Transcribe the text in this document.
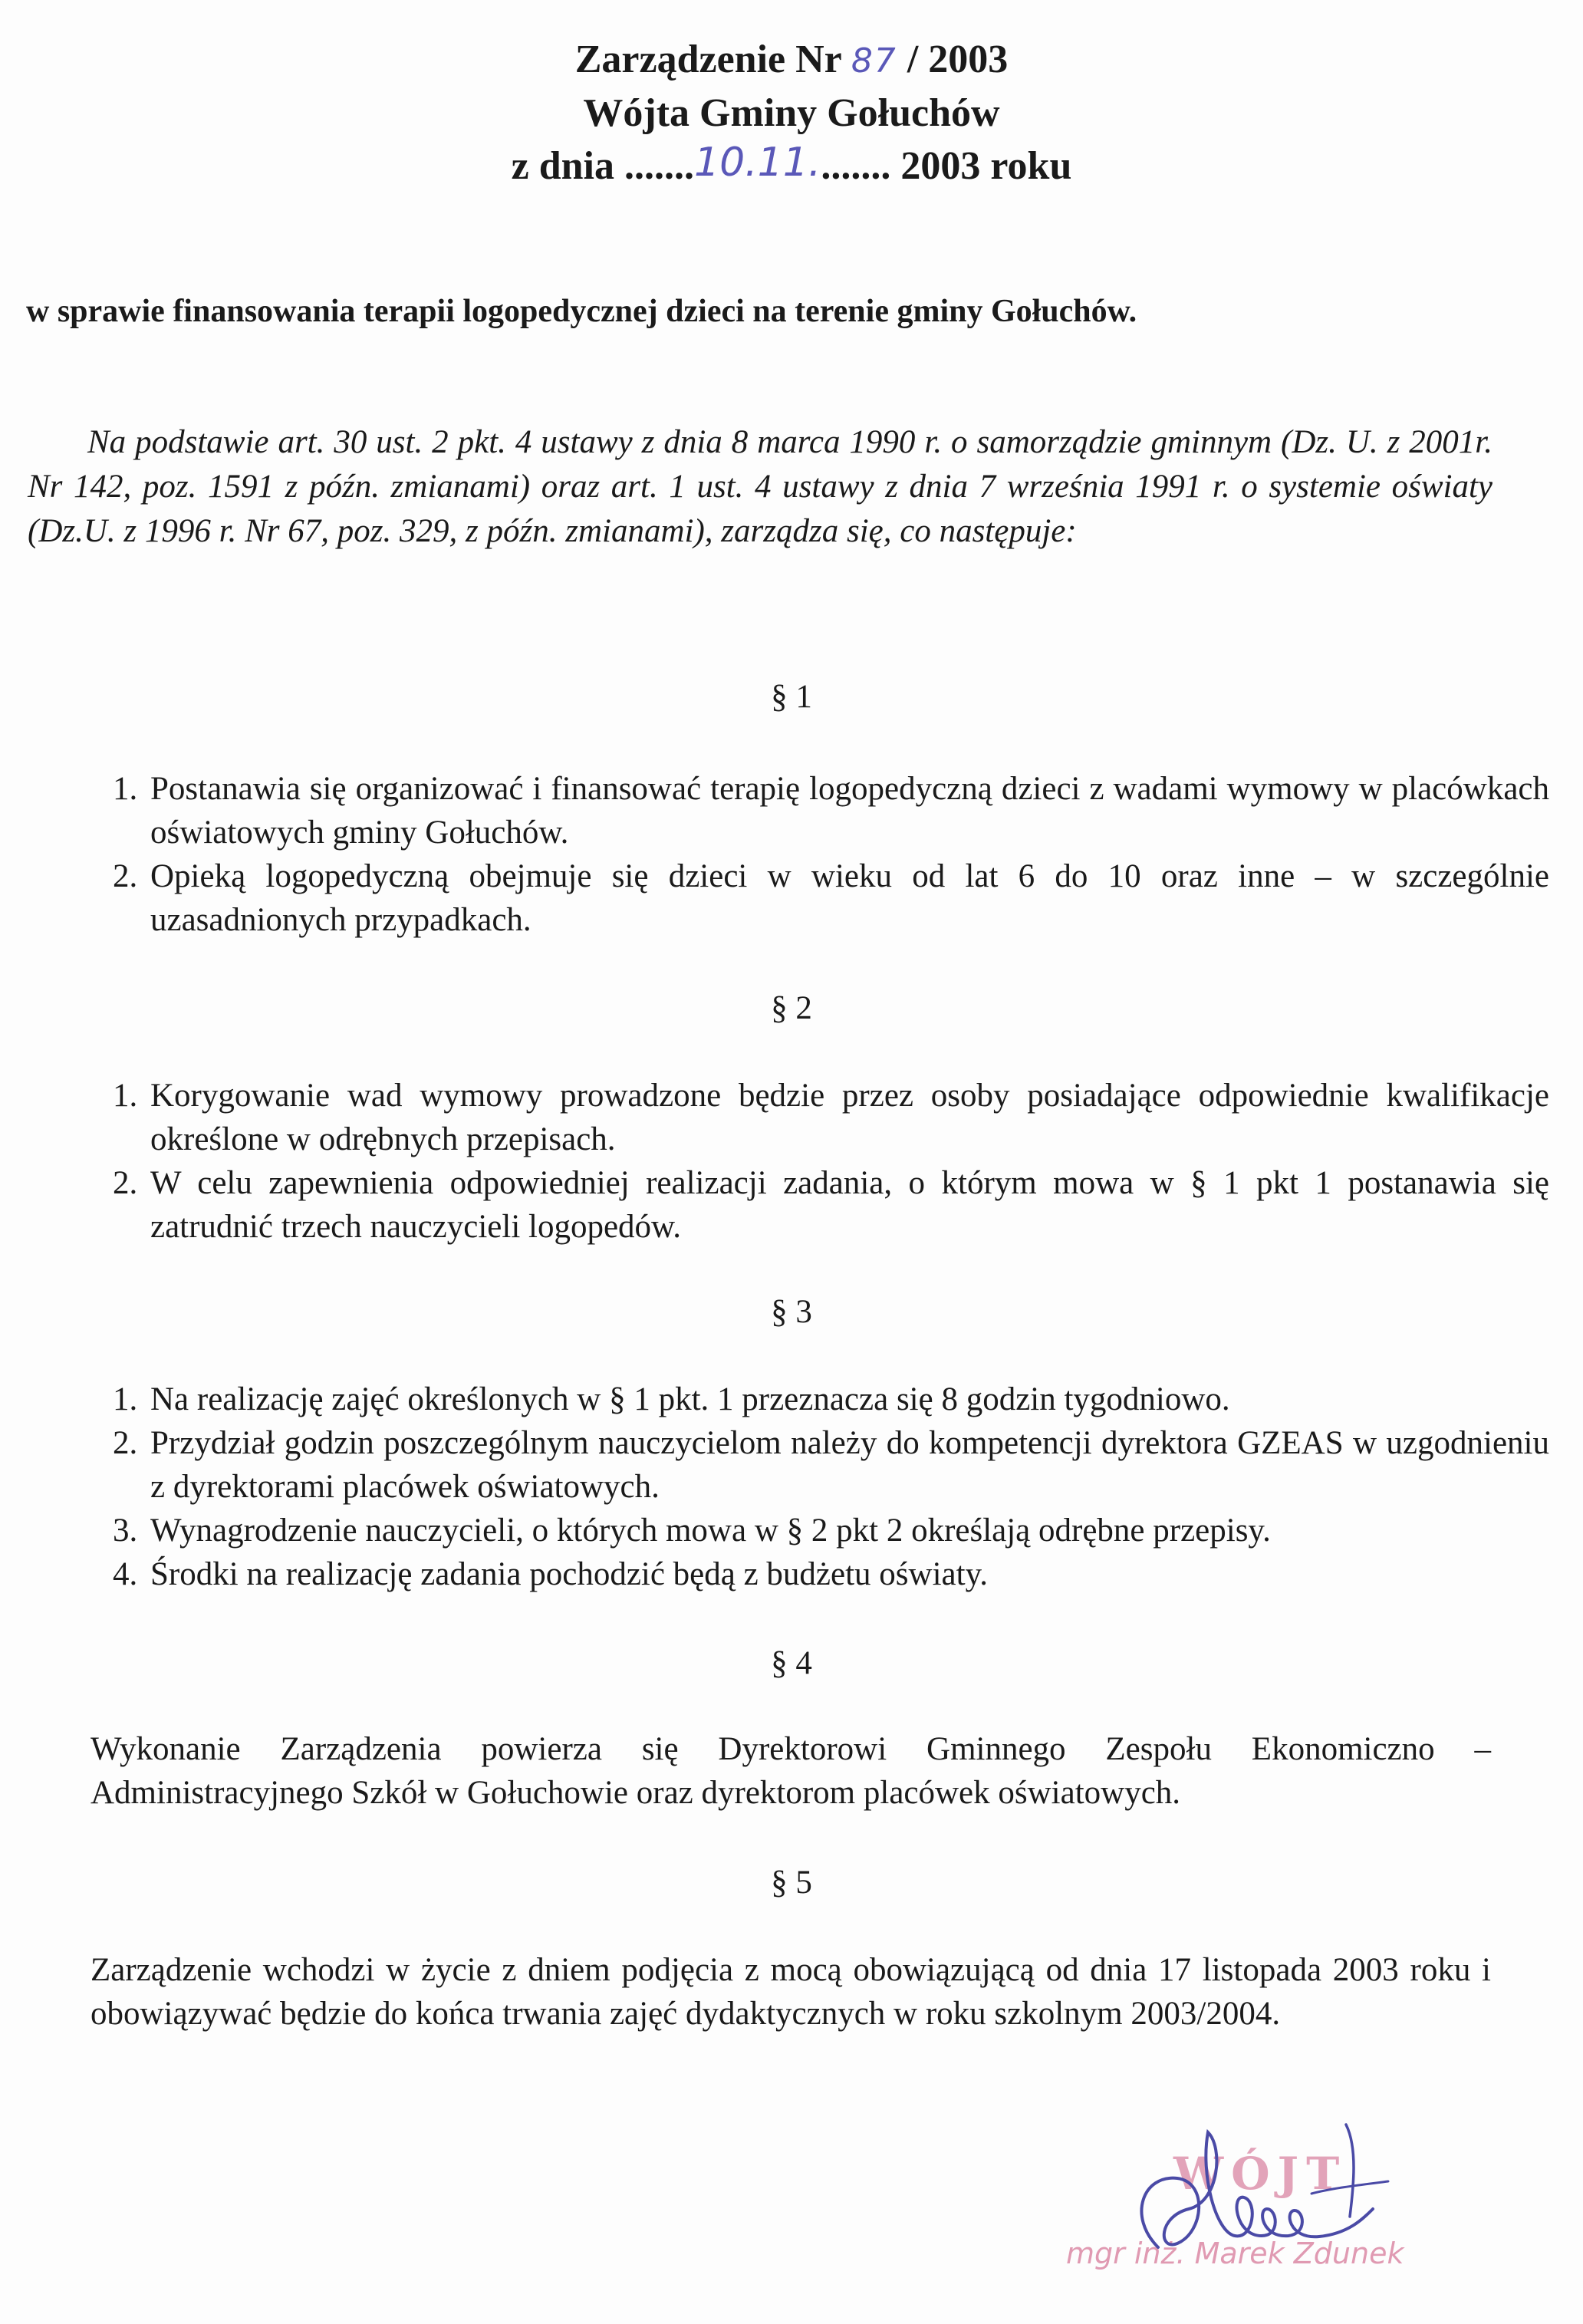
Zarządzenie Nr 87 / 2003
Wójta Gminy Gołuchów
z dnia .......10.11........ 2003 roku
w sprawie finansowania terapii logopedycznej dzieci na terenie gminy Gołuchów.
Na podstawie art. 30 ust. 2 pkt. 4 ustawy z dnia 8 marca 1990 r. o samorządzie gminnym (Dz. U. z 2001r. Nr 142, poz. 1591 z późn. zmianami) oraz art. 1 ust. 4 ustawy z dnia 7 września 1991 r. o systemie oświaty (Dz.U. z 1996 r. Nr 67, poz. 329, z późn. zmianami), zarządza się, co następuje:
§ 1
1. Postanawia się organizować i finansować terapię logopedyczną dzieci z wadami wymowy w placówkach oświatowych gminy Gołuchów.
2. Opieką logopedyczną obejmuje się dzieci w wieku od lat 6 do 10 oraz inne – w szczególnie uzasadnionych przypadkach.
§ 2
1. Korygowanie wad wymowy prowadzone będzie przez osoby posiadające odpowiednie kwalifikacje określone w odrębnych przepisach.
2. W celu zapewnienia odpowiedniej realizacji zadania, o którym mowa w § 1 pkt 1 postanawia się zatrudnić trzech nauczycieli logopedów.
§ 3
1. Na realizację zajęć określonych w § 1 pkt. 1 przeznacza się 8 godzin tygodniowo.
2. Przydział godzin poszczególnym nauczycielom należy do kompetencji dyrektora GZEAS w uzgodnieniu z dyrektorami placówek oświatowych.
3. Wynagrodzenie nauczycieli, o których mowa w § 2 pkt 2 określają odrębne przepisy.
4. Środki na realizację zadania pochodzić będą z budżetu oświaty.
§ 4
Wykonanie Zarządzenia powierza się Dyrektorowi Gminnego Zespołu Ekonomiczno – Administracyjnego Szkół w Gołuchowie oraz dyrektorom placówek oświatowych.
§ 5
Zarządzenie wchodzi w życie z dniem podjęcia z mocą obowiązującą od dnia 17 listopada 2003 roku i obowiązywać będzie do końca trwania zajęć dydaktycznych w roku szkolnym 2003/2004.
WÓJT
mgr inż. Marek Zdunek
